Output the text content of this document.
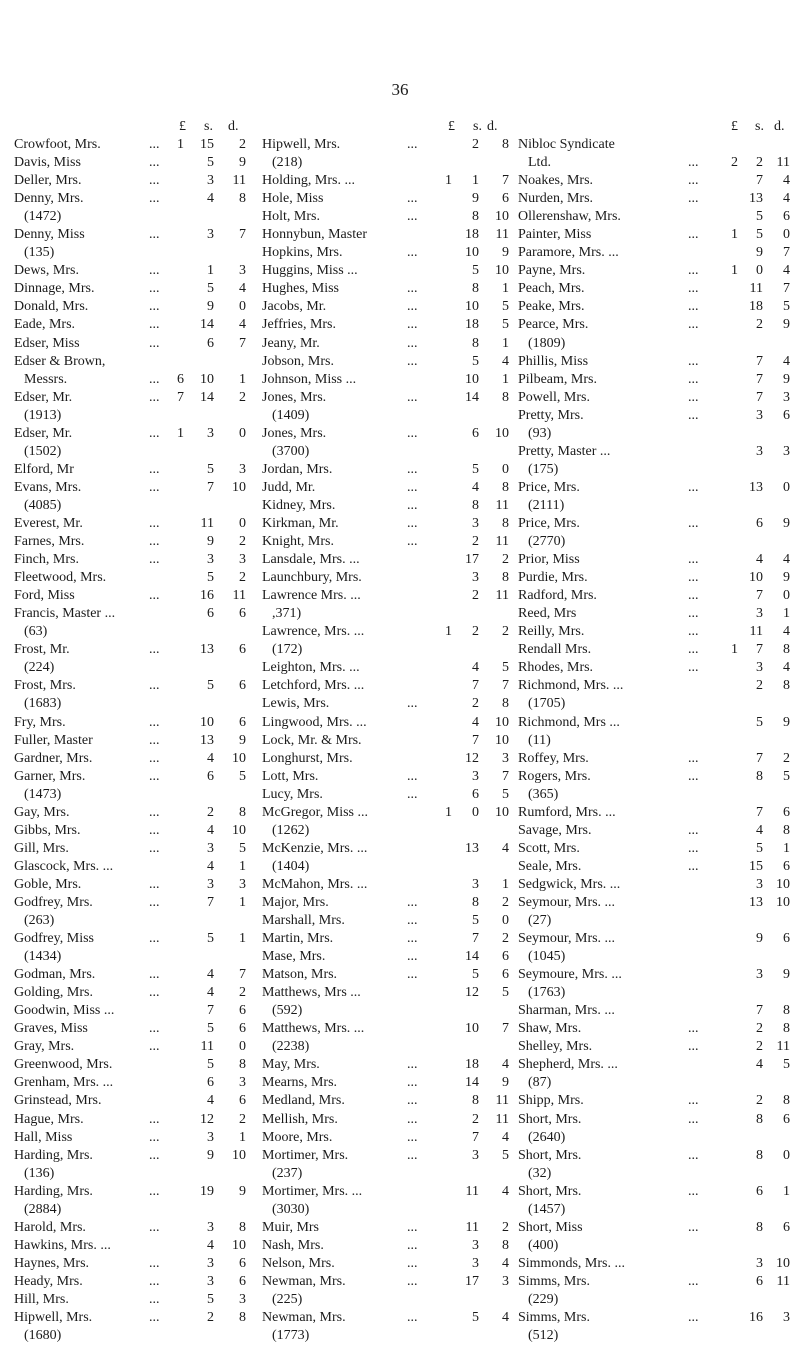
36
£ s. d.
Crowfoot, Mrs.	... 1 15 2
Davis, Miss	...	5 9
Deller, Mrs.	...	3 11
Denny, Mrs.	...	4 8
(1472)
Denny, Miss	...	3 7
(135)
Dews, Mrs.	...	1 3
Dinnage, Mrs.	...	5 4
Donald, Mrs.	...	9 0
Eade, Mrs.	...	14 4
Edser, Miss	...	6 7
Edser & Brown,
Messrs.	... 6 10 1
Edser, Mr.	... 7 14 2
(1913)
Edser, Mr.	... 1 3 0
(1502)
Elford, Mr	...	5 3
Evans, Mrs.	...	7 10
(4085)
Everest, Mr.	...	11 0
Farnes, Mrs.	...	9 2
Finch, Mrs.	...	3 3
Fleetwood, Mrs.	5 2
Ford, Miss	...	16 11
Francis, Master ...	6 6
(63)
Frost, Mr.	...	13 6
(224)
Frost, Mrs.	...	5 6
(1683)
Fry, Mrs.	...	10 6
Fuller, Master	...	13 9
Gardner, Mrs.	...	4 10
Garner, Mrs.	...	6 5
(1473)
Gay, Mrs.	...	2 8
Gibbs, Mrs.	...	4 10
Gill, Mrs.	...	3 5
Glascock, Mrs. ...	4 1
Goble, Mrs.	...	3 3
Godfrey, Mrs.	...	7 1
(263)
Godfrey, Miss	...	5 1
(1434)
Godman, Mrs.	...	4 7
Golding, Mrs.	...	4 2
Goodwin, Miss ...	7 6
Graves, Miss	...	5 6
Gray, Mrs.	...	11 0
Greenwood, Mrs.	5 8
Grenham, Mrs. ...	6 3
Grinstead, Mrs.	4 6
Hague, Mrs.	...	12 2
Hall, Miss	...	3 1
Harding, Mrs.	...	9 10
(136)
Harding, Mrs.	...	19 9
(2884)
Harold, Mrs.	...	3 8
Hawkins, Mrs. ...	4 10
Haynes, Mrs.	...	3 6
Heady, Mrs.	...	3 6
Hill, Mrs.	...	5 3
Hipwell, Mrs.	...	2 8
(1680)
£ s. d.
Hipwell, Mrs.	...	2 8
(218)
Holding, Mrs. ...	1 1 7
Hole, Miss	...	9 6
Holt, Mrs.	...	8 10
Honnybun, Master	18 11
Hopkins, Mrs.	...	10 9
Huggins, Miss ...	5 10
Hughes, Miss	...	8 1
Jacobs, Mr.	...	10 5
Jeffries, Mrs.	...	18 5
Jeany, Mr.	...	8 1
Jobson, Mrs.	...	5 4
Johnson, Miss ...	10 1
Jones, Mrs.	...	14 8
(1409)
Jones, Mrs.	...	6 10
(3700)
Jordan, Mrs.	...	5 0
Judd, Mr.	...	4 8
Kidney, Mrs.	...	8 11
Kirkman, Mr.	...	3 8
Knight, Mrs.	...	2 11
Lansdale, Mrs. ...	17 2
Launchbury, Mrs.	3 8
Lawrence Mrs. ...	2 11
,371)
Lawrence, Mrs. ...	1 2 2
(172)
Leighton, Mrs. ...	4 5
Letchford, Mrs. ...	7 7
Lewis, Mrs.	...	2 8
Lingwood, Mrs. ...	4 10
Lock, Mr. & Mrs.	7 10
Longhurst, Mrs.	12 3
Lott, Mrs.	...	3 7
Lucy, Mrs.	...	6 5
McGregor, Miss ...	1 0 10
(1262)
McKenzie, Mrs. ...	13 4
(1404)
McMahon, Mrs. ...	3 1
Major, Mrs.	...	8 2
Marshall, Mrs.	...	5 0
Martin, Mrs.	...	7 2
Mase, Mrs.	...	14 6
Matson, Mrs.	...	5 6
Matthews, Mrs ...	12 5
(592)
Matthews, Mrs. ...	10 7
(2238)
May, Mrs.	...	18 4
Mearns, Mrs.	...	14 9
Medland, Mrs.	...	8 11
Mellish, Mrs.	...	2 11
Moore, Mrs.	...	7 4
Mortimer, Mrs.	...	3 5
(237)
Mortimer, Mrs. ...	11 4
(3030)
Muir, Mrs	...	11 2
Nash, Mrs.	...	3 8
Nelson, Mrs.	...	3 4
Newman, Mrs.	...	17 3
(225)
Newman, Mrs.	...	5 4
(1773)
£ s. d.
Nibloc Syndicate
Ltd.	... 2 2 11
Noakes, Mrs.	...	7 4
Nurden, Mrs.	...	13 4
Ollerenshaw, Mrs.	5 6
Painter, Miss	... 1 5 0
Paramore, Mrs. ...	9 7
Payne, Mrs.	... 1 0 4
Peach, Mrs.	...	11 7
Peake, Mrs.	...	18 5
Pearce, Mrs.	...	2 9
(1809)
Phillis, Miss	...	7 4
Pilbeam, Mrs.	...	7 9
Powell, Mrs.	...	7 3
Pretty, Mrs.	...	3 6
(93)
Pretty, Master ...	3 3
(175)
Price, Mrs.	...	13 0
(2111)
Price, Mrs.	...	6 9
(2770)
Prior, Miss	...	4 4
Purdie, Mrs.	...	10 9
Radford, Mrs.	...	7 0
Reed, Mrs	...	3 1
Reilly, Mrs.	...	11 4
Rendall Mrs.	... 1 7 8
Rhodes, Mrs.	...	3 4
Richmond, Mrs. ...	2 8
(1705)
Richmond, Mrs ...	5 9
(11)
Roffey, Mrs.	...	7 2
Rogers, Mrs.	...	8 5
(365)
Rumford, Mrs. ...	7 6
Savage, Mrs.	...	4 8
Scott, Mrs.	...	5 1
Seale, Mrs.	...	15 6
Sedgwick, Mrs. ...	3 10
Seymour, Mrs. ...	13 10
(27)
Seymour, Mrs. ...	9 6
(1045)
Seymoure, Mrs. ...	3 9
(1763)
Sharman, Mrs. ...	7 8
Shaw, Mrs.	...	2 8
Shelley, Mrs.	...	2 11
Shepherd, Mrs. ...	4 5
(87)
Shipp, Mrs.	...	2 8
Short, Mrs.	...	8 6
(2640)
Short, Mrs.	...	8 0
(32)
Short, Mrs.	...	6 1
(1457)
Short, Miss	...	8 6
(400)
Simmonds, Mrs. ...	3 10
Simms, Mrs.	...	6 11
(229)
Simms, Mrs.	...	16 3
(512)
